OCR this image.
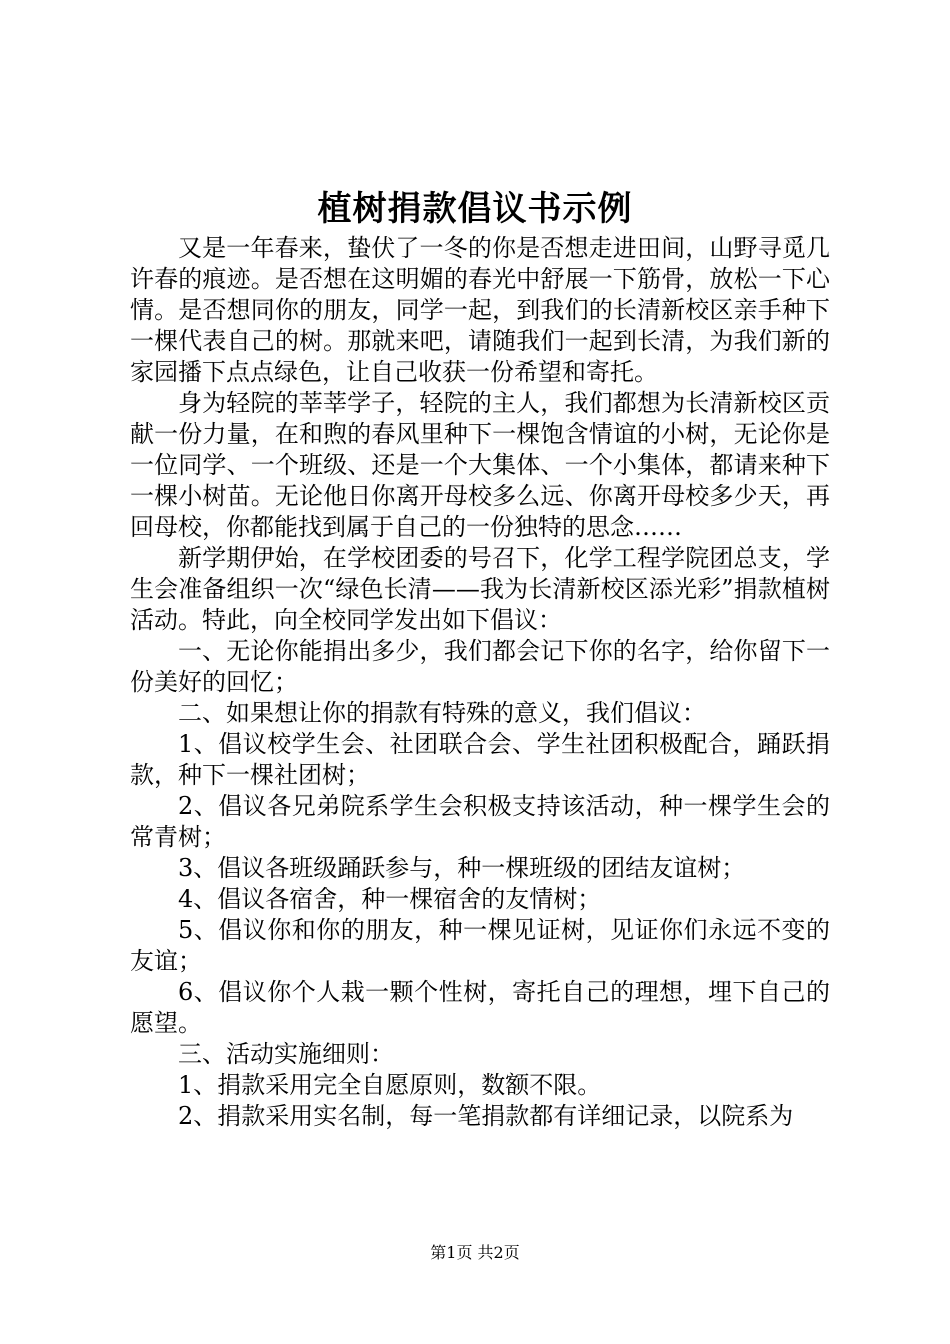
植树捐款倡议书示例

又是一年春来，蛰伏了一冬的你是否想走进田间，山野寻觅几许春的痕迹。是否想在这明媚的春光中舒展一下筋骨，放松一下心情。是否想同你的朋友，同学一起，到我们的长清新校区亲手种下一棵代表自己的树。那就来吧，请随我们一起到长清，为我们新的家园播下点点绿色，让自己收获一份希望和寄托。

身为轻院的莘莘学子，轻院的主人，我们都想为长清新校区贡献一份力量，在和煦的春风里种下一棵饱含情谊的小树，无论你是一位同学、一个班级、还是一个大集体、一个小集体，都请来种下一棵小树苗。无论他日你离开母校多么远、你离开母校多少天，再回母校，你都能找到属于自己的一份独特的思念……

新学期伊始，在学校团委的号召下，化学工程学院团总支，学生会准备组织一次“绿色长清——我为长清新校区添光彩”捐款植树活动。特此，向全校同学发出如下倡议：

一、无论你能捐出多少，我们都会记下你的名字，给你留下一份美好的回忆；

二、如果想让你的捐款有特殊的意义，我们倡议：

1、倡议校学生会、社团联合会、学生社团积极配合，踊跃捐款，种下一棵社团树；

2、倡议各兄弟院系学生会积极支持该活动，种一棵学生会的常青树；

3、倡议各班级踊跃参与，种一棵班级的团结友谊树；

4、倡议各宿舍，种一棵宿舍的友情树；

5、倡议你和你的朋友，种一棵见证树，见证你们永远不变的友谊；

6、倡议你个人栽一颗个性树，寄托自己的理想，埋下自己的愿望。

三、活动实施细则：

1、捐款采用完全自愿原则，数额不限。

2、捐款采用实名制，每一笔捐款都有详细记录，以院系为

第1页 共2页
